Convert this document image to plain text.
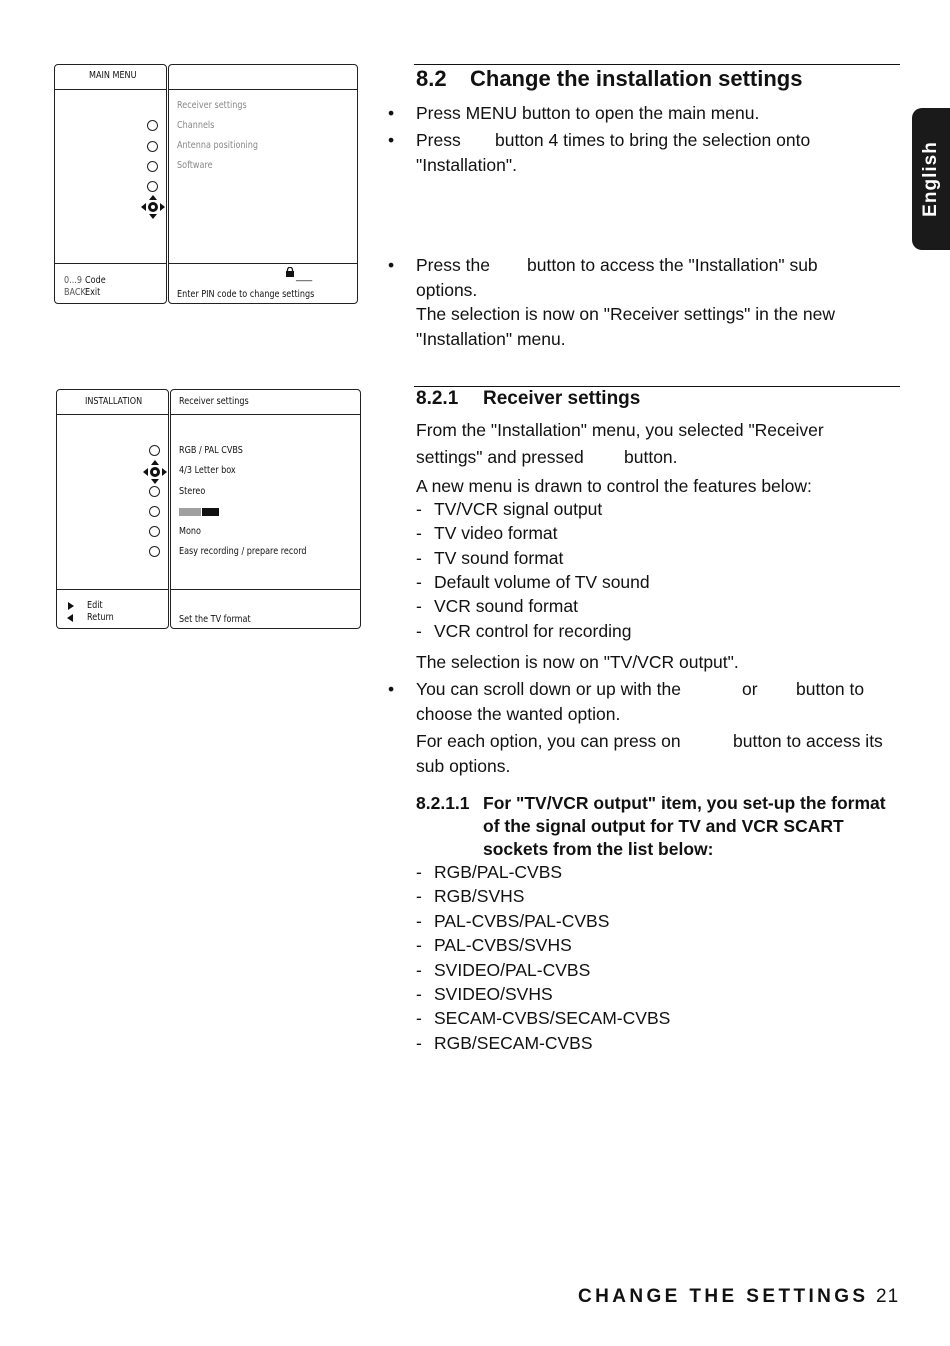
English
MAIN MENU
Receiver settings
Channels
Antenna positioning
Software
0...9 Code
BACK Exit
____
Enter PIN code to change settings
INSTALLATION	Receiver settings
RGB / PAL CVBS
4/3 Letter box
Stereo
Mono
Easy recording / prepare record
Edit
Return	Set the TV format
8.2 Change the installation settings
• Press MENU button to open the main menu.
• Press button 4 times to bring the selection onto
"Installation".
• Press the button to access the "Installation" sub
options.
The selection is now on "Receiver settings" in the new
"Installation" menu.
8.2.1 Receiver settings
From the "Installation" menu, you selected "Receiver
settings" and pressed button.
A new menu is drawn to control the features below:
- TV/VCR signal output
- TV video format
- TV sound format
- Default volume of TV sound
- VCR sound format
- VCR control for recording
The selection is now on "TV/VCR output".
• You can scroll down or up with the	or button to
choose the wanted option.
For each option, you can press on	button to access its
sub options.
8.2.1.1 For "TV/VCR output" item, you set-up the format of the signal output for TV and VCR SCART sockets from the list below:
- RGB/PAL-CVBS
- RGB/SVHS
- PAL-CVBS/PAL-CVBS
- PAL-CVBS/SVHS
- SVIDEO/PAL-CVBS
- SVIDEO/SVHS
- SECAM-CVBS/SECAM-CVBS
- RGB/SECAM-CVBS
CHANGE THE SETTINGS 21
